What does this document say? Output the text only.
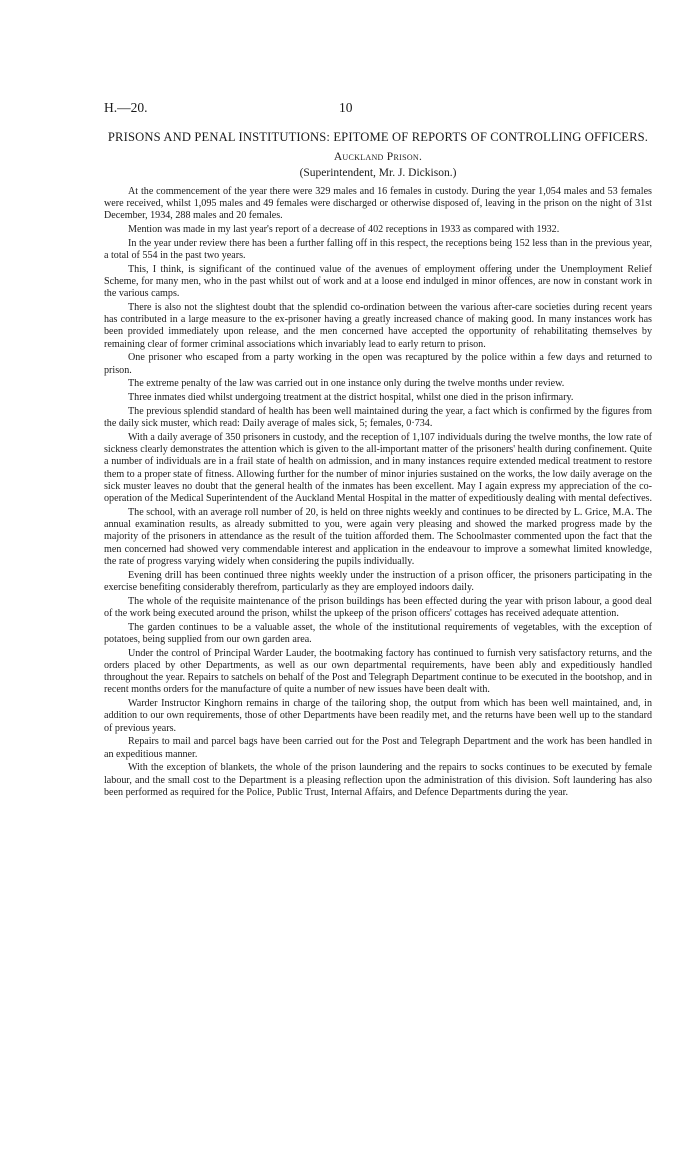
H.—20.	10
PRISONS AND PENAL INSTITUTIONS: EPITOME OF REPORTS OF CONTROLLING OFFICERS.
Auckland Prison.
(Superintendent, Mr. J. Dickison.)

At the commencement of the year there were 329 males and 16 females in custody. During the year 1,054 males and 53 females were received, whilst 1,095 males and 49 females were discharged or otherwise disposed of, leaving in the prison on the night of 31st December, 1934, 288 males and 20 females.

Mention was made in my last year's report of a decrease of 402 receptions in 1933 as compared with 1932.

In the year under review there has been a further falling off in this respect, the receptions being 152 less than in the previous year, a total of 554 in the past two years.

This, I think, is significant of the continued value of the avenues of employment offering under the Unemployment Relief Scheme, for many men, who in the past whilst out of work and at a loose end indulged in minor offences, are now in constant work in the various camps.

There is also not the slightest doubt that the splendid co-ordination between the various after-care societies during recent years has contributed in a large measure to the ex-prisoner having a greatly increased chance of making good. In many instances work has been provided immediately upon release, and the men concerned have accepted the opportunity of rehabilitating themselves by remaining clear of former criminal associations which invariably lead to early return to prison.

One prisoner who escaped from a party working in the open was recaptured by the police within a few days and returned to prison.

The extreme penalty of the law was carried out in one instance only during the twelve months under review.

Three inmates died whilst undergoing treatment at the district hospital, whilst one died in the prison infirmary.

The previous splendid standard of health has been well maintained during the year, a fact which is confirmed by the figures from the daily sick muster, which read: Daily average of males sick, 5; females, 0·734.

With a daily average of 350 prisoners in custody, and the reception of 1,107 individuals during the twelve months, the low rate of sickness clearly demonstrates the attention which is given to the all-important matter of the prisoners' health during confinement. Quite a number of individuals are in a frail state of health on admission, and in many instances require extended medical treatment to restore them to a proper state of fitness. Allowing further for the number of minor injuries sustained on the works, the low daily average on the sick muster leaves no doubt that the general health of the inmates has been excellent. May I again express my appreciation of the co-operation of the Medical Superintendent of the Auckland Mental Hospital in the matter of expeditiously dealing with mental defectives.

The school, with an average roll number of 20, is held on three nights weekly and continues to be directed by L. Grice, M.A. The annual examination results, as already submitted to you, were again very pleasing and showed the marked progress made by the majority of the prisoners in attendance as the result of the tuition afforded them. The Schoolmaster commented upon the fact that the men concerned had showed very commendable interest and application in the endeavour to improve a somewhat limited knowledge, the rate of progress varying widely when considering the pupils individually.

Evening drill has been continued three nights weekly under the instruction of a prison officer, the prisoners participating in the exercise benefiting considerably therefrom, particularly as they are employed indoors daily.

The whole of the requisite maintenance of the prison buildings has been effected during the year with prison labour, a good deal of the work being executed around the prison, whilst the upkeep of the prison officers' cottages has received adequate attention.

The garden continues to be a valuable asset, the whole of the institutional requirements of vegetables, with the exception of potatoes, being supplied from our own garden area.

Under the control of Principal Warder Lauder, the bootmaking factory has continued to furnish very satisfactory returns, and the orders placed by other Departments, as well as our own departmental requirements, have been ably and expeditiously handled throughout the year. Repairs to satchels on behalf of the Post and Telegraph Department continue to be executed in the bootshop, and in recent months orders for the manufacture of quite a number of new issues have been dealt with.

Warder Instructor Kinghorn remains in charge of the tailoring shop, the output from which has been well maintained, and, in addition to our own requirements, those of other Departments have been readily met, and the returns have been well up to the standard of previous years.

Repairs to mail and parcel bags have been carried out for the Post and Telegraph Department and the work has been handled in an expeditious manner.

With the exception of blankets, the whole of the prison laundering and the repairs to socks continues to be executed by female labour, and the small cost to the Department is a pleasing reflection upon the administration of this division. Soft laundering has also been performed as required for the Police, Public Trust, Internal Affairs, and Defence Departments during the year.
